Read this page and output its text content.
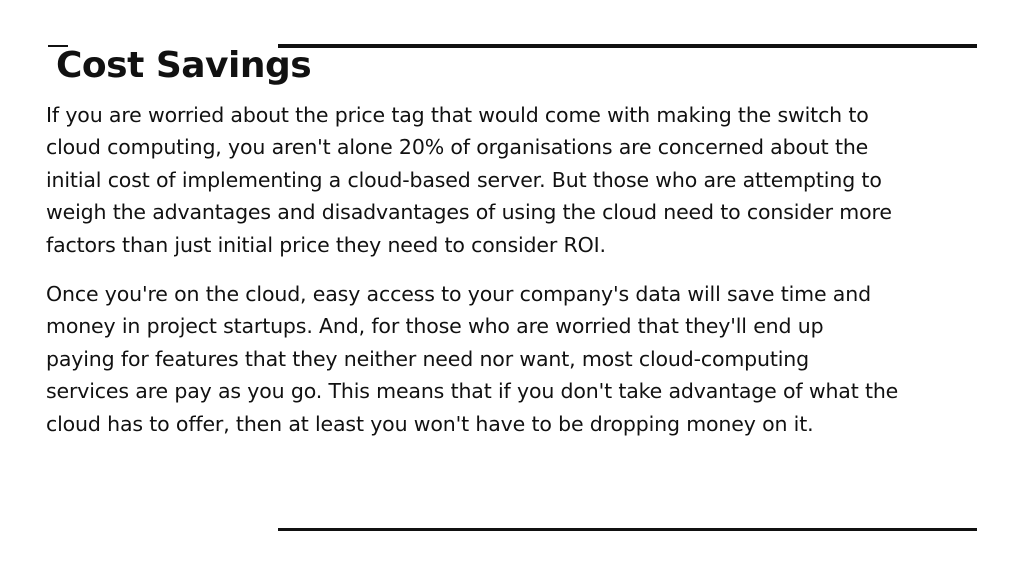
Cost Savings

If you are worried about the price tag that would come with making the switch to
cloud computing, you aren't alone 20% of organisations are concerned about the
initial cost of implementing a cloud-based server. But those who are attempting to
weigh the advantages and disadvantages of using the cloud need to consider more
factors than just initial price they need to consider ROI.

Once you're on the cloud, easy access to your company's data will save time and
money in project startups. And, for those who are worried that they'll end up
paying for features that they neither need nor want, most cloud-computing
services are pay as you go. This means that if you don't take advantage of what the
cloud has to offer, then at least you won't have to be dropping money on it.
